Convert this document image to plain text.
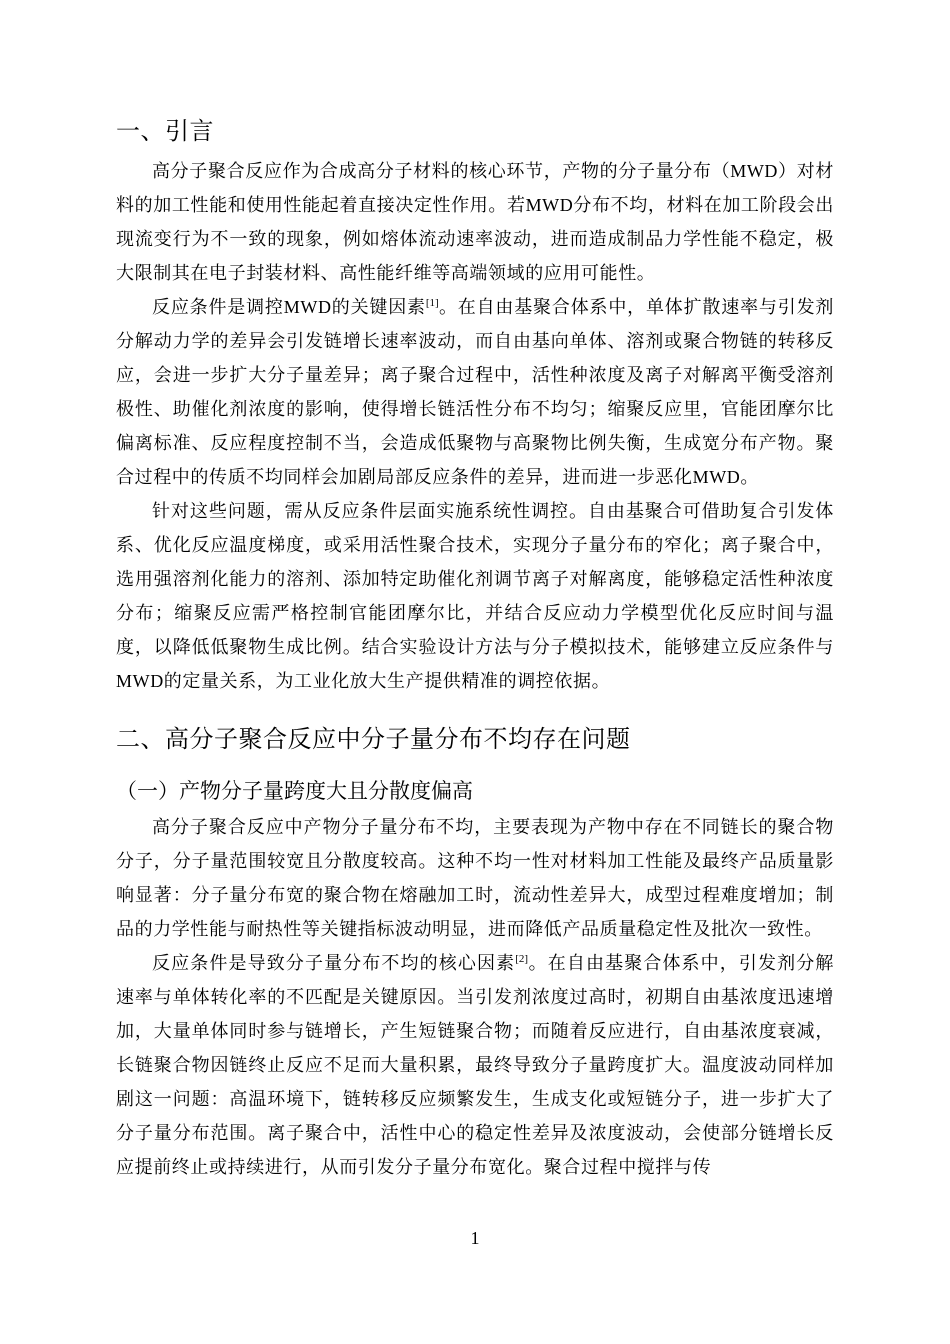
一、引言

高分子聚合反应作为合成高分子材料的核心环节，产物的分子量分布（MWD）对材料的加工性能和使用性能起着直接决定性作用。若MWD分布不均，材料在加工阶段会出现流变行为不一致的现象，例如熔体流动速率波动，进而造成制品力学性能不稳定，极大限制其在电子封装材料、高性能纤维等高端领域的应用可能性。

反应条件是调控MWD的关键因素[1]。在自由基聚合体系中，单体扩散速率与引发剂分解动力学的差异会引发链增长速率波动，而自由基向单体、溶剂或聚合物链的转移反应，会进一步扩大分子量差异；离子聚合过程中，活性种浓度及离子对解离平衡受溶剂极性、助催化剂浓度的影响，使得增长链活性分布不均匀；缩聚反应里，官能团摩尔比偏离标准、反应程度控制不当，会造成低聚物与高聚物比例失衡，生成宽分布产物。聚合过程中的传质不均同样会加剧局部反应条件的差异，进而进一步恶化MWD。

针对这些问题，需从反应条件层面实施系统性调控。自由基聚合可借助复合引发体系、优化反应温度梯度，或采用活性聚合技术，实现分子量分布的窄化；离子聚合中，选用强溶剂化能力的溶剂、添加特定助催化剂调节离子对解离度，能够稳定活性种浓度分布；缩聚反应需严格控制官能团摩尔比，并结合反应动力学模型优化反应时间与温度，以降低低聚物生成比例。结合实验设计方法与分子模拟技术，能够建立反应条件与MWD的定量关系，为工业化放大生产提供精准的调控依据。

二、高分子聚合反应中分子量分布不均存在问题
（一）产物分子量跨度大且分散度偏高

高分子聚合反应中产物分子量分布不均，主要表现为产物中存在不同链长的聚合物分子，分子量范围较宽且分散度较高。这种不均一性对材料加工性能及最终产品质量影响显著：分子量分布宽的聚合物在熔融加工时，流动性差异大，成型过程难度增加；制品的力学性能与耐热性等关键指标波动明显，进而降低产品质量稳定性及批次一致性。

反应条件是导致分子量分布不均的核心因素[2]。在自由基聚合体系中，引发剂分解速率与单体转化率的不匹配是关键原因。当引发剂浓度过高时，初期自由基浓度迅速增加，大量单体同时参与链增长，产生短链聚合物；而随着反应进行，自由基浓度衰减，长链聚合物因链终止反应不足而大量积累，最终导致分子量跨度扩大。温度波动同样加剧这一问题：高温环境下，链转移反应频繁发生，生成支化或短链分子，进一步扩大了分子量分布范围。离子聚合中，活性中心的稳定性差异及浓度波动，会使部分链增长反应提前终止或持续进行，从而引发分子量分布宽化。聚合过程中搅拌与传

1
